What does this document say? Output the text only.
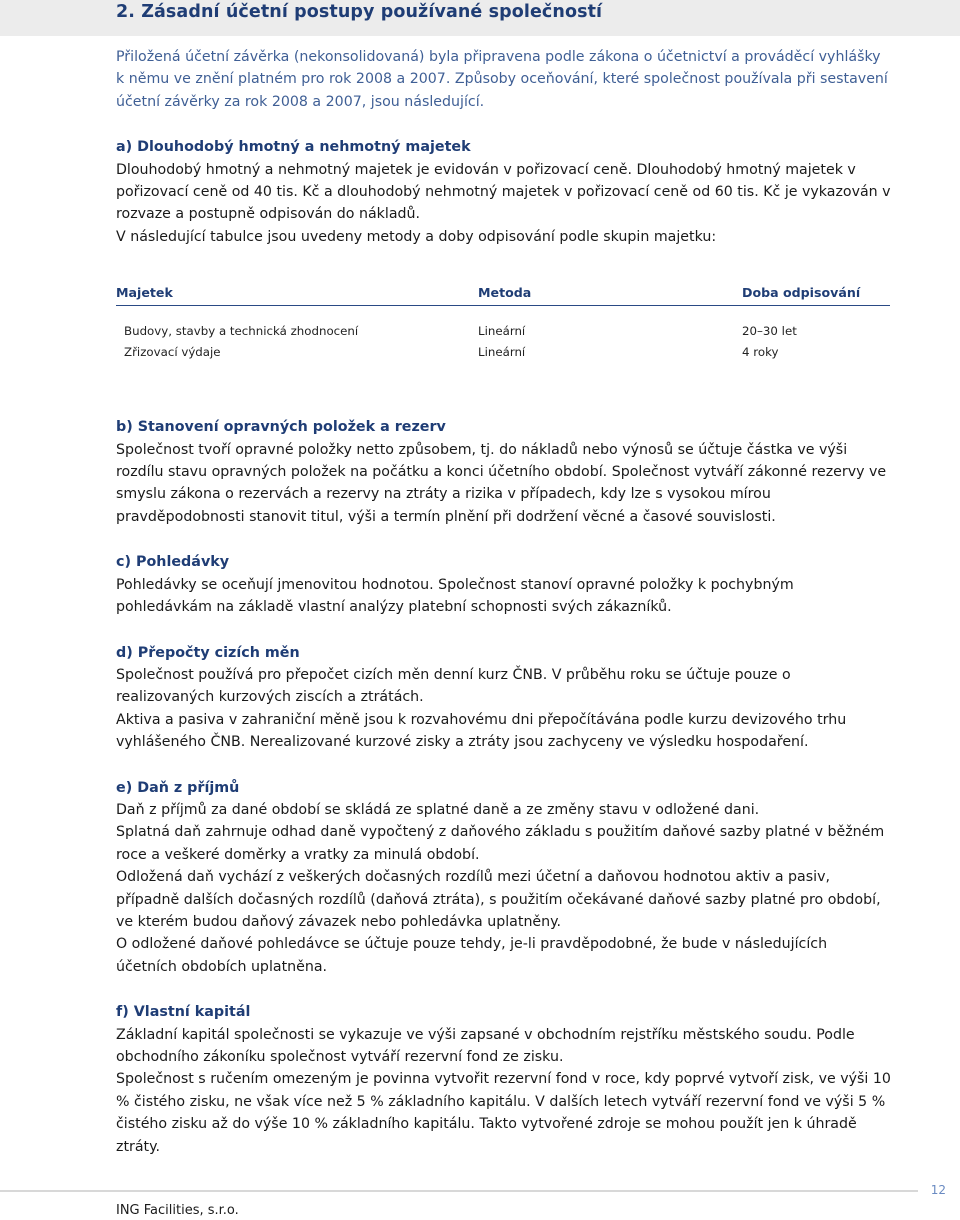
2. Zásadní účetní postupy používané společností

Přiložená účetní závěrka (nekonsolidovaná) byla připravena podle zákona o účetnictví a prováděcí vyhlášky k němu ve znění platném pro rok 2008 a 2007. Způsoby oceňování, které společnost používala při sestavení účetní závěrky za rok 2008 a 2007, jsou následující.

a) Dlouhodobý hmotný a nehmotný majetek

Dlouhodobý hmotný a nehmotný majetek je evidován v pořizovací ceně. Dlouhodobý hmotný majetek v pořizovací ceně od 40 tis. Kč a dlouhodobý nehmotný majetek v pořizovací ceně od 60 tis. Kč je vykazován v rozvaze a postupně odpisován do nákladů.

V následující tabulce jsou uvedeny metody a doby odpisování podle skupin majetku:

Majetek	Metoda	Doba odpisování
Budovy, stavby a technická zhodnocení	Lineární	20–30 let
Zřizovací výdaje	Lineární	4 roky
b) Stanovení opravných položek a rezerv

Společnost tvoří opravné položky netto způsobem, tj. do nákladů nebo výnosů se účtuje částka ve výši rozdílu stavu opravných položek na počátku a konci účetního období. Společnost vytváří zákonné rezervy ve smyslu zákona o rezervách a rezervy na ztráty a rizika v případech, kdy lze s vysokou mírou pravděpodobnosti stanovit titul, výši a termín plnění při dodržení věcné a časové souvislosti.

c) Pohledávky

Pohledávky se oceňují jmenovitou hodnotou. Společnost stanoví opravné položky k pochybným pohledávkám na základě vlastní analýzy platební schopnosti svých zákazníků.

d) Přepočty cizích měn

Společnost používá pro přepočet cizích měn denní kurz ČNB. V průběhu roku se účtuje pouze o realizovaných kurzových ziscích a ztrátách.

Aktiva a pasiva v zahraniční měně jsou k rozvahovému dni přepočítávána podle kurzu devizového trhu vyhlášeného ČNB. Nerealizované kurzové zisky a ztráty jsou zachyceny ve výsledku hospodaření.

e) Daň z příjmů

Daň z příjmů za dané období se skládá ze splatné daně a ze změny stavu v odložené dani.

Splatná daň zahrnuje odhad daně vypočtený z daňového základu s použitím daňové sazby platné v běžném roce a veškeré doměrky a vratky za minulá období.

Odložená daň vychází z veškerých dočasných rozdílů mezi účetní a daňovou hodnotou aktiv a pasiv, případně dalších dočasných rozdílů (daňová ztráta), s použitím očekávané daňové sazby platné pro období, ve kterém budou daňový závazek nebo pohledávka uplatněny.

O odložené daňové pohledávce se účtuje pouze tehdy, je-li pravděpodobné, že bude v následujících účetních obdobích uplatněna.

f) Vlastní kapitál

Základní kapitál společnosti se vykazuje ve výši zapsané v obchodním rejstříku městského soudu. Podle obchodního zákoníku společnost vytváří rezervní fond ze zisku.

Společnost s ručením omezeným je povinna vytvořit rezervní fond v roce, kdy poprvé vytvoří zisk, ve výši 10 % čistého zisku, ne však více než 5 % základního kapitálu. V dalších letech vytváří rezervní fond ve výši 5 % čistého zisku až do výše 10 % základního kapitálu. Takto vytvořené zdroje se mohou použít jen k úhradě ztráty.

12
ING Facilities, s.r.o.
